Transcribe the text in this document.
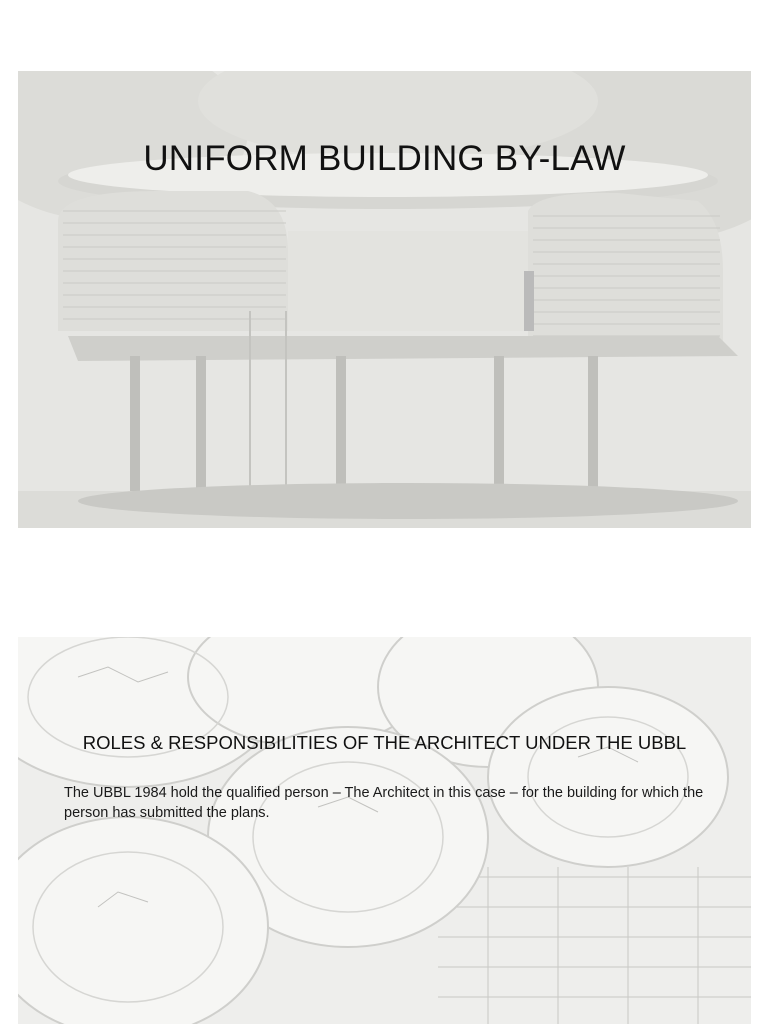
UNIFORM BUILDING BY-LAW
ROLES & RESPONSIBILITIES OF THE ARCHITECT UNDER THE UBBL
The UBBL 1984 hold the qualified person – The Architect in this case – for the building for which the person has submitted the plans.
